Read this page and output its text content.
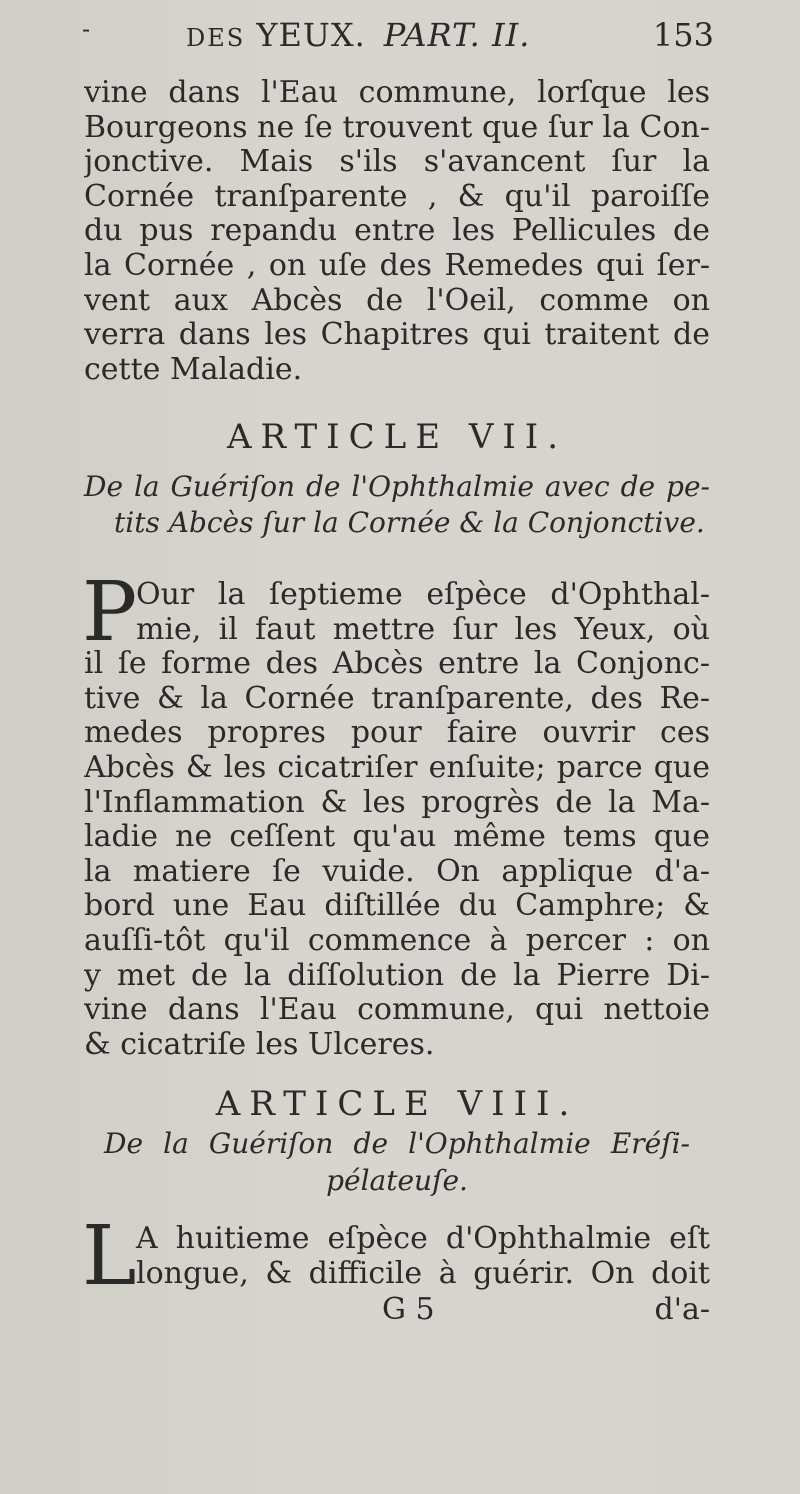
-	DES YEUX. PART. II.	153
vine dans l'Eau commune, lorſque les
Bourgeons ne ſe trouvent que ſur la Con-
jonctive. Mais s'ils s'avancent ſur la
Cornée tranſparente , & qu'il paroiſſe
du pus repandu entre les Pellicules de
la Cornée , on uſe des Remedes qui ſer-
vent aux Abcès de l'Oeil, comme on
verra dans les Chapitres qui traitent de
cette Maladie.
ARTICLE VII.
De la Guériſon de l'Ophthalmie avec de pe-
tits Abcès ſur la Cornée & la Conjonctive.
P
Our la ſeptieme eſpèce d'Ophthal-
mie, il faut mettre ſur les Yeux, où
il ſe forme des Abcès entre la Conjonc-
tive & la Cornée tranſparente, des Re-
medes propres pour faire ouvrir ces
Abcès & les cicatriſer enſuite; parce que
l'Inflammation & les progrès de la Ma-
ladie ne ceſſent qu'au même tems que
la matiere ſe vuide. On applique d'a-
bord une Eau diſtillée du Camphre; &
auſſi-tôt qu'il commence à percer : on
y met de la diſſolution de la Pierre Di-
vine dans l'Eau commune, qui nettoie
& cicatriſe les Ulceres.
ARTICLE VIII.
De la Guériſon de l'Ophthalmie Eréſi-
pélateuſe.
L A huitieme eſpèce d'Ophthalmie eſt
longue, & difficile à guérir. On doit
G 5	d'a-
